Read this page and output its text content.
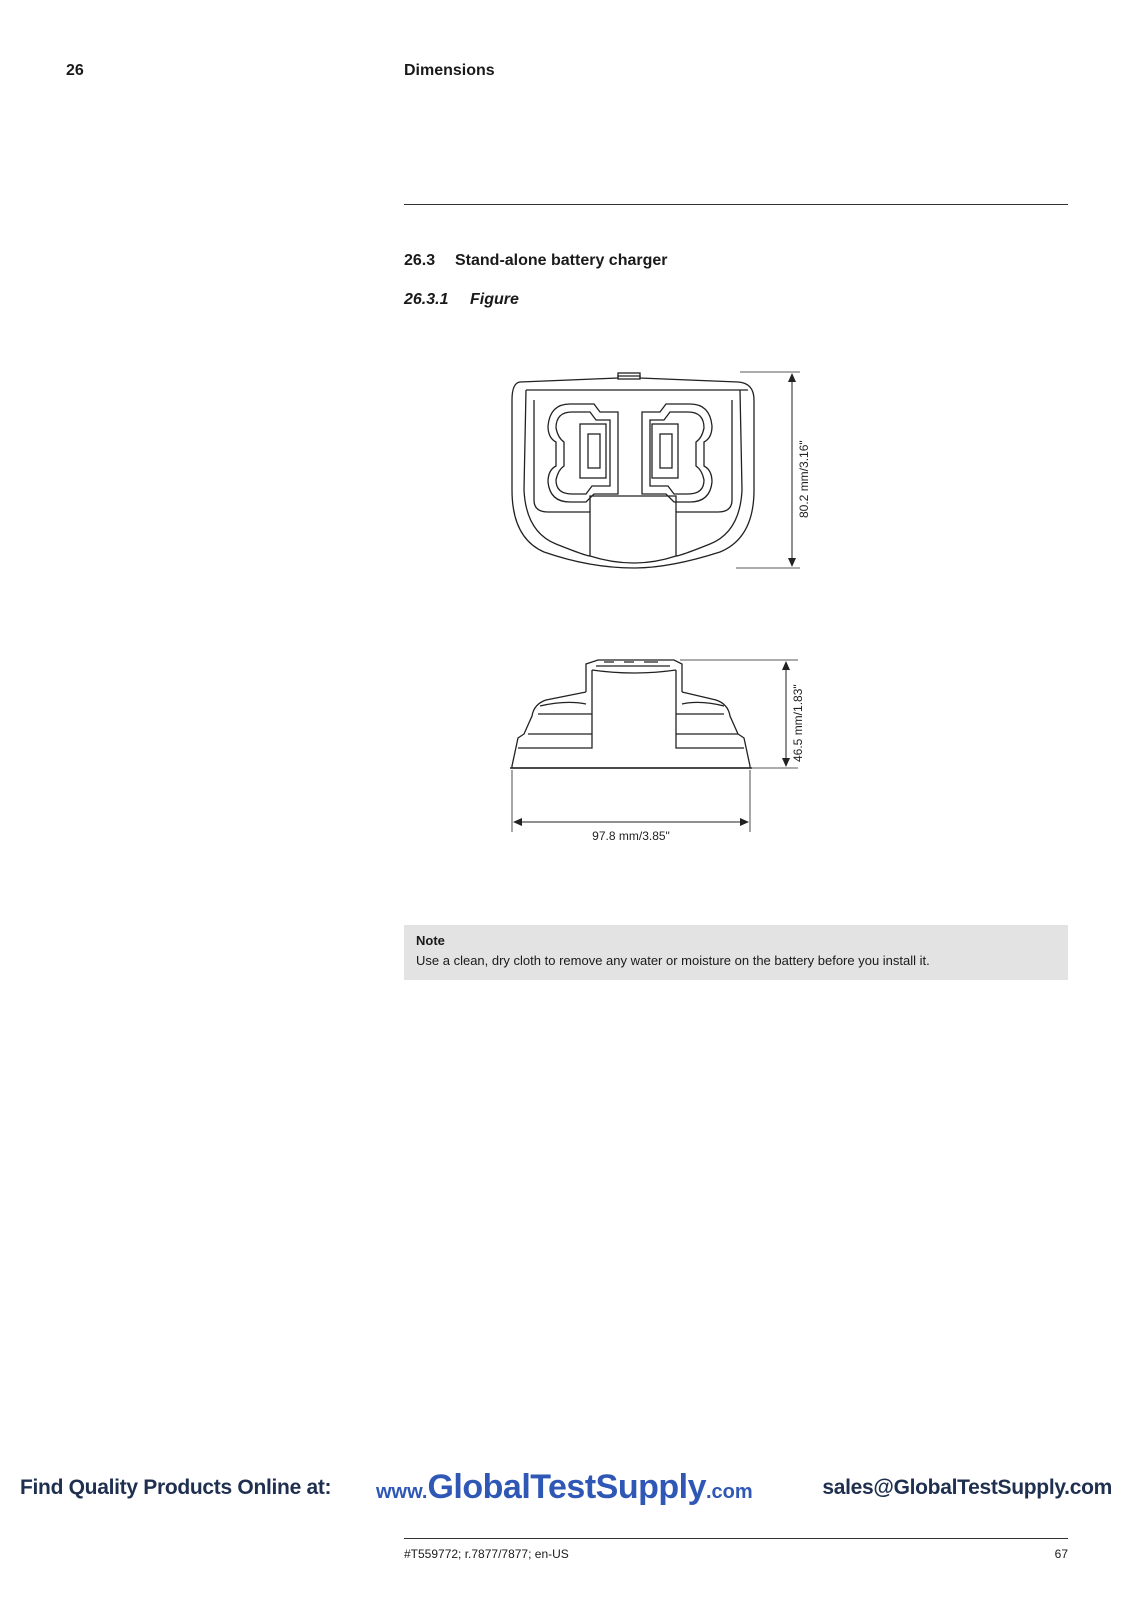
26	Dimensions
26.3 Stand-alone battery charger
26.3.1 Figure
80.2 mm/3.16"
46.5 mm/1.83"
97.8 mm/3.85"
Note
Use a clean, dry cloth to remove any water or moisture on the battery before you install it.
Find Quality Products Online at: www.GlobalTestSupply.com	sales@GlobalTestSupply.com
#T559772; r.7877/7877; en-US	67
